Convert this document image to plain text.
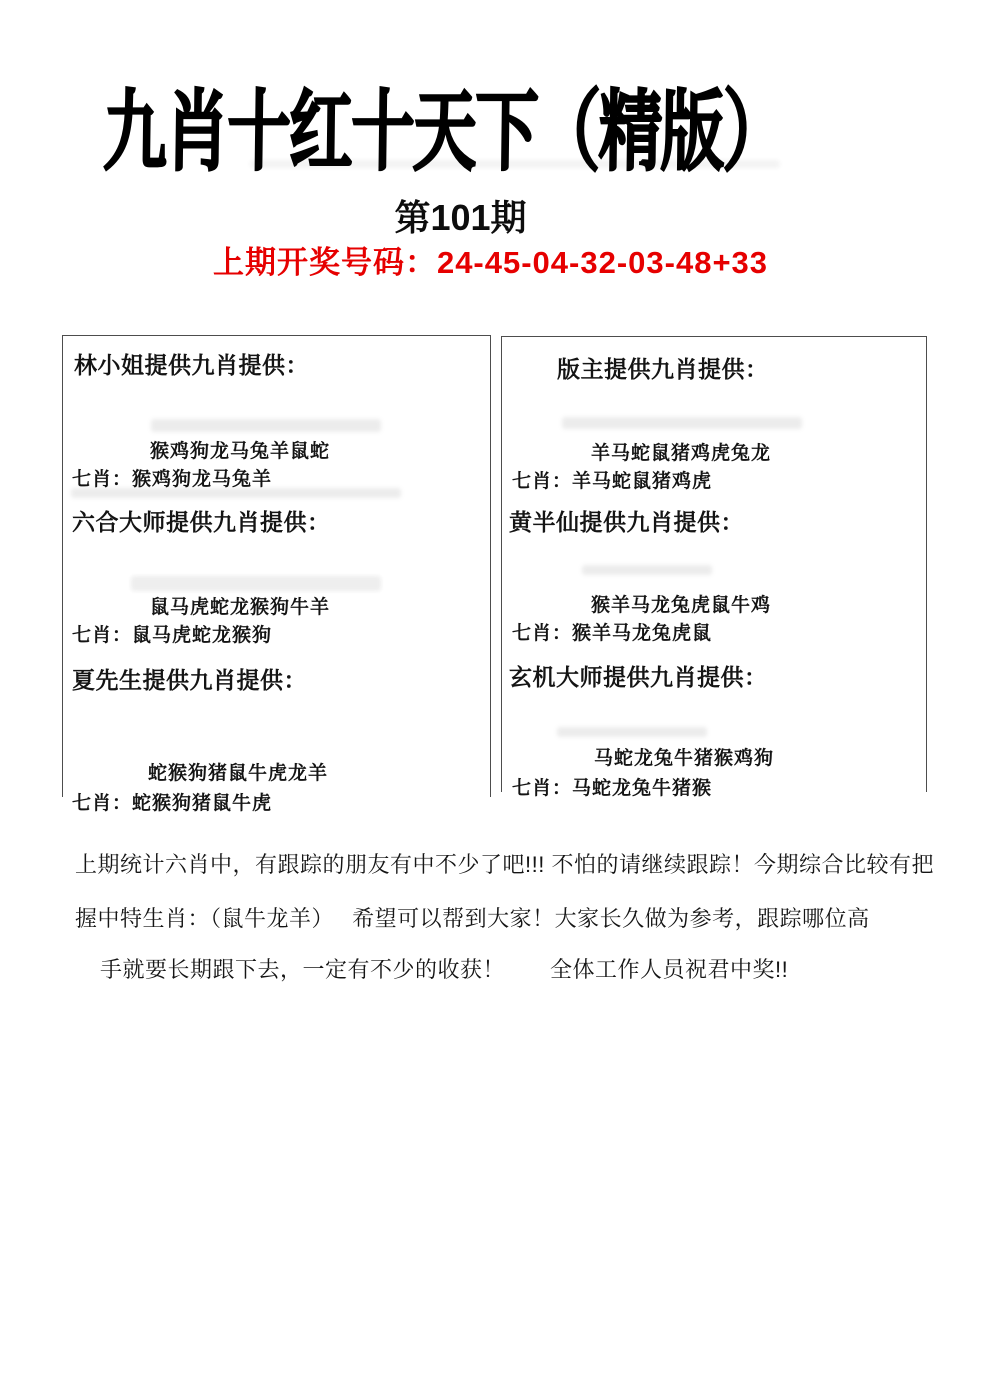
九肖十红十天下（精版）
第101期
上期开奖号码：24-45-04-32-03-48+33
林小姐提供九肖提供：
猴鸡狗龙马兔羊鼠蛇
七肖：猴鸡狗龙马兔羊
六合大师提供九肖提供：
鼠马虎蛇龙猴狗牛羊
七肖：鼠马虎蛇龙猴狗
夏先生提供九肖提供：
蛇猴狗猪鼠牛虎龙羊
七肖：蛇猴狗猪鼠牛虎
版主提供九肖提供：
羊马蛇鼠猪鸡虎兔龙
七肖：羊马蛇鼠猪鸡虎
黄半仙提供九肖提供：
猴羊马龙兔虎鼠牛鸡
七肖：猴羊马龙兔虎鼠
玄机大师提供九肖提供：
马蛇龙兔牛猪猴鸡狗
七肖：马蛇龙兔牛猪猴
上期统计六肖中，有跟踪的朋友有中不少了吧!!! 不怕的请继续跟踪！今期综合比较有把
握中特生肖：（鼠牛龙羊）　 希望可以帮到大家！大家长久做为参考，跟踪哪位高
手就要长期跟下去，一定有不少的收获！　　全体工作人员祝君中奖!!
